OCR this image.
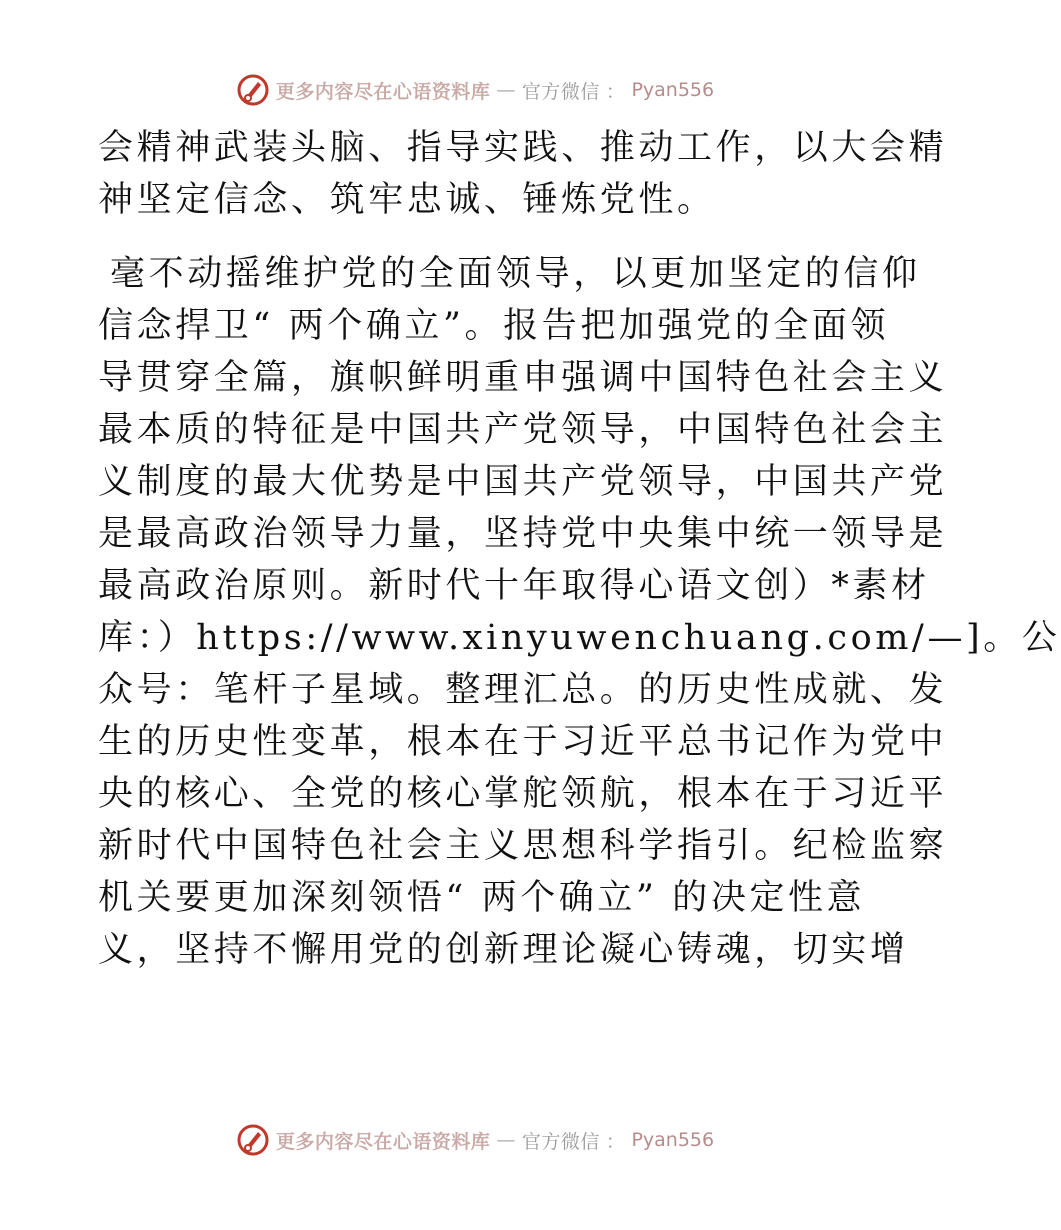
更多内容尽在心语资料库 — 官方微信 ： Pyan556

会精神武装头脑、指导实践、推动工作，以大会精

神坚定信念、筑牢忠诚、锤炼党性。

毫不动摇维护党的全面领导，以更加坚定的信仰

信念捍卫“ 两个确立”。报告把加强党的全面领

导贯穿全篇，旗帜鲜明重申强调中国特色社会主义

最本质的特征是中国共产党领导，中国特色社会主

义制度的最大优势是中国共产党领导，中国共产党

是最高政治领导力量，坚持党中央集中统一领导是

最高政治原则。新时代十年取得心语文创）*素材

库：）https://www.xinyuwenchuang.com/—]。公

众号：笔杆子星域。整理汇总。的历史性成就、发

生的历史性变革，根本在于习近平总书记作为党中

央的核心、全党的核心掌舵领航，根本在于习近平

新时代中国特色社会主义思想科学指引。纪检监察

机关要更加深刻领悟“ 两个确立” 的决定性意

义，坚持不懈用党的创新理论凝心铸魂，切实增

更多内容尽在心语资料库 — 官方微信 ： Pyan556
